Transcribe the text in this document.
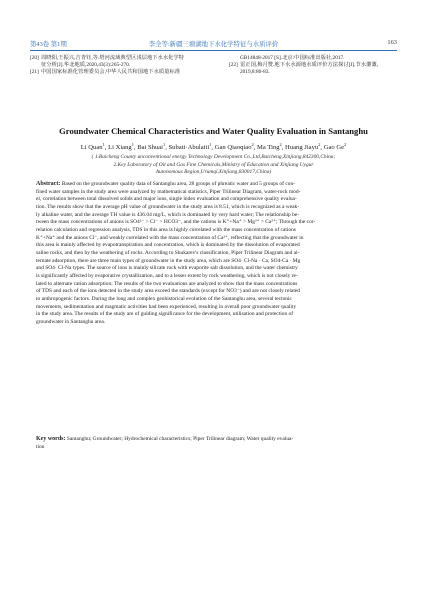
第43卷 第1期	李全等:新疆三塘湖地下水化学特征与水质评价	163
[20] 周晓阳,王振兴,吉青钰,等.塔河流域典型区浅层地下水水化学特
征分析[J].华北地质,2020,43(3):265-270.
[21] 中国国家标准化管理委员会,中华人民共和国地下水质量标准
GB14848-2017 [S].北京:中国标准出版社,2017.
[22] 雷正国,梅月赞.地下水水源地水质评价方法探讨[J].节水灌溉,
2019,8:80-83.
Groundwater Chemical Characteristics and Water Quality Evaluation in Santanghu
Li Quan$^1$, Li Xiang$^1$, Bai Shuai$^1$, Subati·Abulaiti$^1$, Gan Qiaoqiao$^2$, Ma Ting$^2$, Huang Jiayu$^2$, Gao Ge$^2$
( 1.Baicheng County unconventional energy Technology Development Co.,Ltd,Baicheng,Xinjiang,842300,China;
2.Key Laboratory of Oil and Gas Fine Chemicals,Ministry of Education and Xinjiang Uygur
Autonomous Region,Urumqi,Xinjiang,830017,China)
Abstract: Based on the groundwater quality data of Santanghu area, 28 groups of phreatic water and 5 groups of con-
fined water samples in the study area were analyzed by mathematical statistics, Piper Trilinear Diagram, water-rock mod-
el, correlation between total dissolved solids and major ions, single index evaluation and comprehensive quality evalua-
tion. The results show that the average pH value of groundwater in the study area is 8.51, which is recognized as a weak-
ly alkaline water, and the average TH value is 436.04 mg/L, which is dominated by very hard water; The relationship be-
tween the mass concentrations of anions is SO4²⁻ > Cl⁻ > HCO3⁻, and the cations is K⁺+Na⁺ > Mg²⁺ > Ca²⁺; Through the cor-
relation calculation and regression analysis, TDS in this area is highly correlated with the mass concentration of cations
K⁺+Na⁺ and the anions Cl⁻, and weakly correlated with the mass concentration of Ca²⁺, reflecting that the groundwater in
this area is mainly affected by evapotranspiration and concentration, which is dominated by the dissolution of evaporated
saline rocks, and then by the weathering of rocks. According to Shukarev's classification, Piper Trilinear Diagram and al-
ternate adsorption, there are three main types of groundwater in the study area, which are SO4· Cl-Na · Ca, SO4-Ca · Mg
and SO4· Cl-Na types. The source of ions is mainly silicate rock with evaporite salt dissolution, and the water chemistry
is significantly affected by evaporative crystallization, and to a lesser extent by rock weathering, which is not closely re-
lated to alternate cation adsorption; The results of the two evaluations are analyzed to show that the mass concentrations
of TDS and each of the ions detected in the study area exceed the standards (except for NO3⁻) and are not closely related
to anthropogenic factors. During the long and complex geohistorical evolution of the Santanghu area, several tectonic
movements, sedimentation and magmatic activities had been experienced, resulting in overall poor groundwater quality
in the study area. The results of the study are of guiding significance for the development, utilisation and protection of
groundwater in Santanghu area.
Key words: Santanghu; Groundwater; Hydrochemical characteristics; Piper Trilinear diagram; Water quality evalua-
tion
